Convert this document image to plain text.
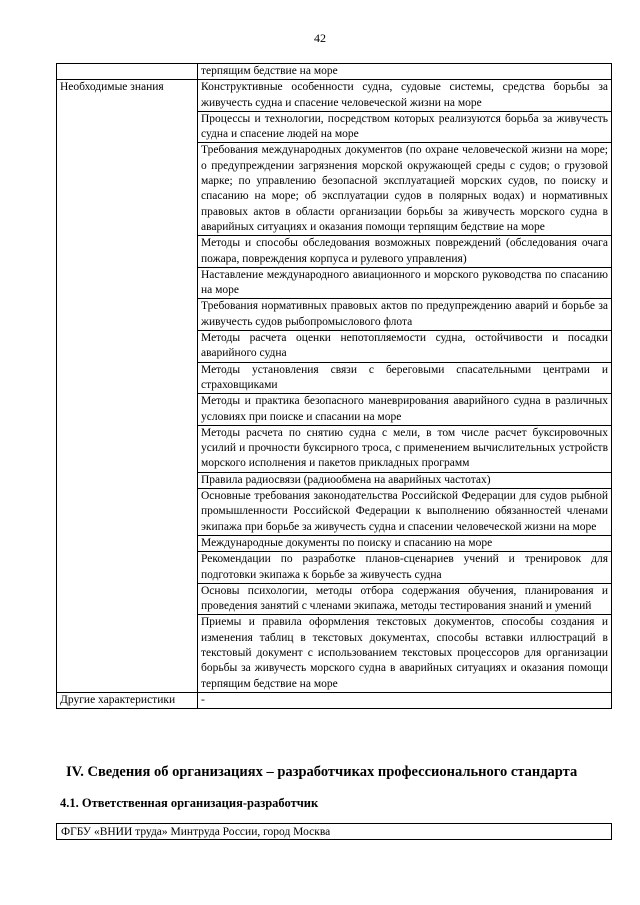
42
	терпящим бедствие на море
Необходимые знания	Конструктивные особенности судна, судовые системы, средства борьбы за живучесть судна и спасение человеческой жизни на море
	Процессы и технологии, посредством которых реализуются борьба за живучесть судна и спасение людей на море
	Требования международных документов (по охране человеческой жизни на море; о предупреждении загрязнения морской окружающей среды с судов; о грузовой марке; по управлению безопасной эксплуатацией морских судов, по поиску и спасанию на море; об эксплуатации судов в полярных водах) и нормативных правовых актов в области организации борьбы за живучесть морского судна в аварийных ситуациях и оказания помощи терпящим бедствие на море
	Методы и способы обследования возможных повреждений (обследования очага пожара, повреждения корпуса и рулевого управления)
	Наставление международного авиационного и морского руководства по спасанию на море
	Требования нормативных правовых актов по предупреждению аварий и борьбе за живучесть судов рыбопромыслового флота
	Методы расчета оценки непотопляемости судна, остойчивости и посадки аварийного судна
	Методы установления связи с береговыми спасательными центрами и страховщиками
	Методы и практика безопасного маневрирования аварийного судна в различных условиях при поиске и спасании на море
	Методы расчета по снятию судна с мели, в том числе расчет буксировочных усилий и прочности буксирного троса, с применением вычислительных устройств морского исполнения и пакетов прикладных программ
	Правила радиосвязи (радиообмена на аварийных частотах)
	Основные требования законодательства Российской Федерации для судов рыбной промышленности Российской Федерации к выполнению обязанностей членами экипажа при борьбе за живучесть судна и спасении человеческой жизни на море
	Международные документы по поиску и спасанию на море
	Рекомендации по разработке планов-сценариев учений и тренировок для подготовки экипажа к борьбе за живучесть судна
	Основы психологии, методы отбора содержания обучения, планирования и проведения занятий с членами экипажа, методы тестирования знаний и умений
	Приемы и правила оформления текстовых документов, способы создания и изменения таблиц в текстовых документах, способы вставки иллюстраций в текстовый документ с использованием текстовых процессоров для организации борьбы за живучесть морского судна в аварийных ситуациях и оказания помощи терпящим бедствие на море
Другие характеристики	-
IV. Сведения об организациях – разработчиках профессионального стандарта
4.1. Ответственная организация-разработчик
ФГБУ «ВНИИ труда» Минтруда России, город Москва
